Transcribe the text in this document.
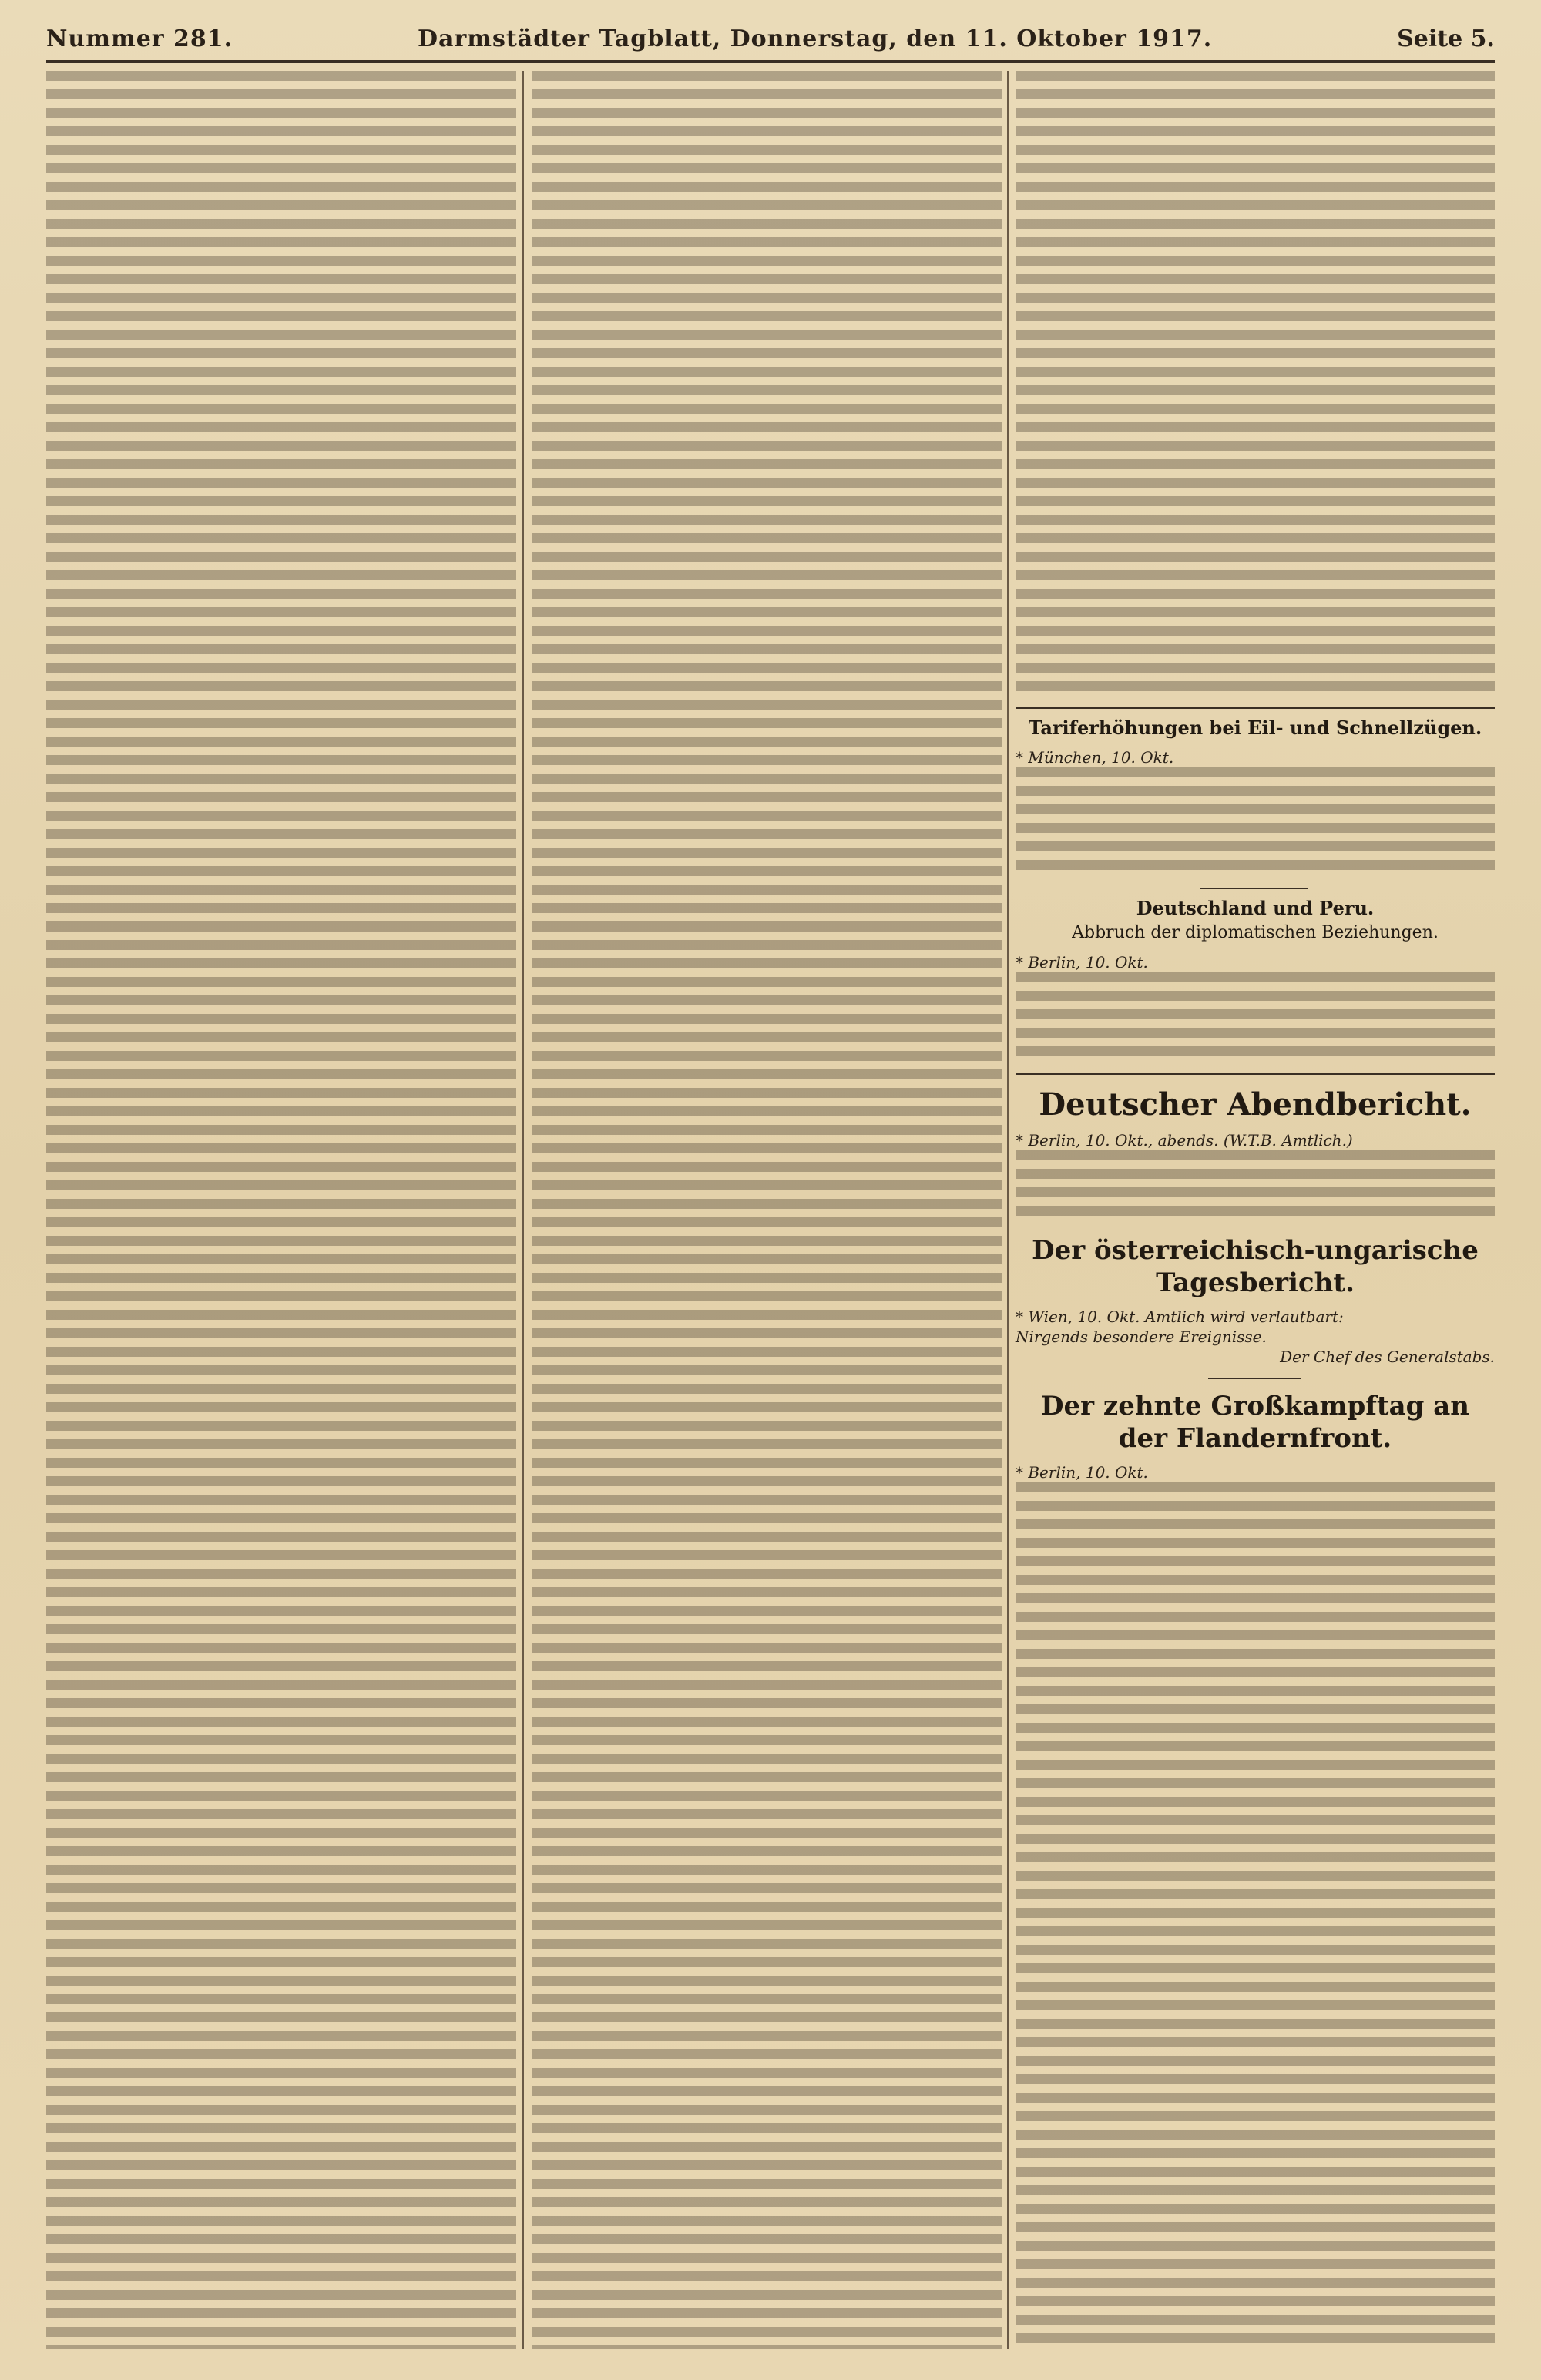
Nummer 281.	Darmstädter Tagblatt, Donnerstag, den 11. Oktober 1917.	Seite 5.
Tariferhöhungen bei Eil- und Schnellzügen.
* München, 10. Okt.
Deutschland und Peru.
Abbruch der diplomatischen Beziehungen.
* Berlin, 10. Okt.
Deutscher Abendbericht.
* Berlin, 10. Okt., abends. (W.T.B. Amtlich.)
Der österreichisch-ungarische Tagesbericht.
* Wien, 10. Okt. Amtlich wird verlautbart:
Nirgends besondere Ereignisse.
Der Chef des Generalstabs.
Der zehnte Großkampftag an der Flandernfront.
* Berlin, 10. Okt.
